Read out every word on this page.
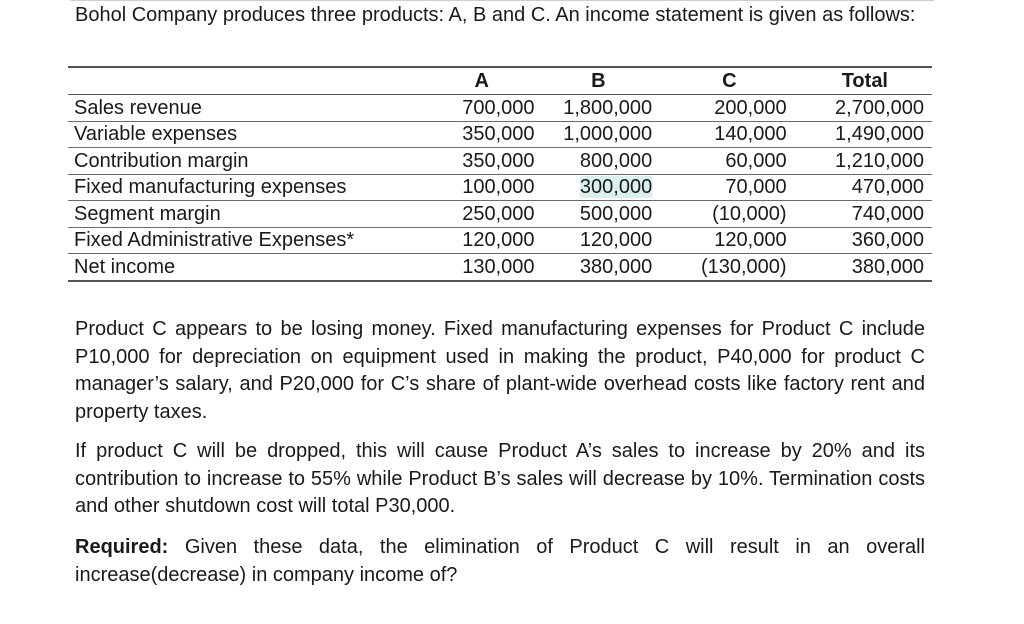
Bohol Company produces three products: A, B and C. An income statement is given as follows:

	A	B	C	Total
Sales revenue	700,000	1,800,000	200,000	2,700,000
Variable expenses	350,000	1,000,000	140,000	1,490,000
Contribution margin	350,000	800,000	60,000	1,210,000
Fixed manufacturing expenses	100,000	300,000	70,000	470,000
Segment margin	250,000	500,000	(10,000)	740,000
Fixed Administrative Expenses*	120,000	120,000	120,000	360,000
Net income	130,000	380,000	(130,000)	380,000

Product C appears to be losing money. Fixed manufacturing expenses for Product C include P10,000 for depreciation on equipment used in making the product, P40,000 for product C manager’s salary, and P20,000 for C’s share of plant-wide overhead costs like factory rent and property taxes.

If product C will be dropped, this will cause Product A’s sales to increase by 20% and its contribution to increase to 55% while Product B’s sales will decrease by 10%. Termination costs and other shutdown cost will total P30,000.

Required: Given these data, the elimination of Product C will result in an overall increase(decrease) in company income of?
